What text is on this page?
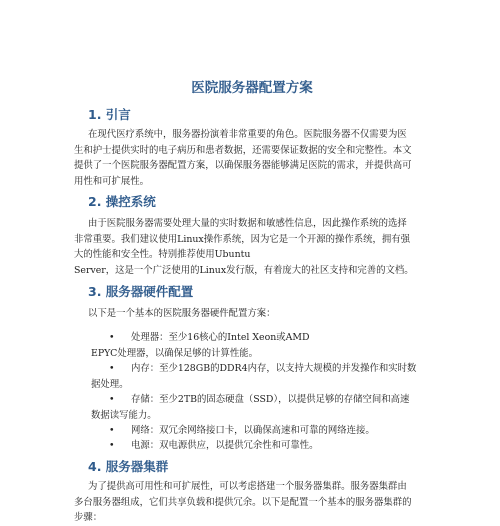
医院服务器配置方案
1. 引言
在现代医疗系统中，服务器扮演着非常重要的角色。医院服务器不仅需要为医
生和护士提供实时的电子病历和患者数据，还需要保证数据的安全和完整性。本文
提供了一个医院服务器配置方案，以确保服务器能够满足医院的需求，并提供高可
用性和可扩展性。
2. 操控系统
由于医院服务器需要处理大量的实时数据和敏感性信息，因此操作系统的选择
非常重要。我们建议使用Linux操作系统，因为它是一个开源的操作系统，拥有强
大的性能和安全性。特别推荐使用Ubuntu
Server，这是一个广泛使用的Linux发行版，有着庞大的社区支持和完善的文档。
3. 服务器硬件配置
以下是一个基本的医院服务器硬件配置方案：
•	处理器：至少16核心的Intel Xeon或AMD
EPYC处理器，以确保足够的计算性能。
•	内存：至少128GB的DDR4内存，以支持大规模的并发操作和实时数
据处理。
•	存储：至少2TB的固态硬盘（SSD），以提供足够的存储空间和高速
数据读写能力。
•	网络：双冗余网络接口卡，以确保高速和可靠的网络连接。
•	电源：双电源供应，以提供冗余性和可靠性。
4. 服务器集群
为了提供高可用性和可扩展性，可以考虑搭建一个服务器集群。服务器集群由
多台服务器组成，它们共享负载和提供冗余。以下是配置一个基本的服务器集群的
步骤：
